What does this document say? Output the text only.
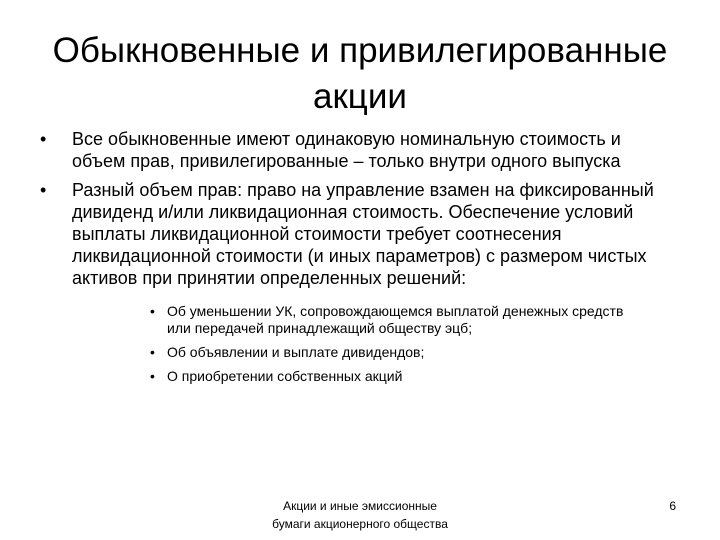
Обыкновенные и привилегированные
акции
• Все обыкновенные имеют одинаковую номинальную стоимость и объем прав, привилегированные – только внутри одного выпуска
• Разный объем прав: право на управление взамен на фиксированный дивиденд и/или ликвидационная стоимость. Обеспечение условий выплаты ликвидационной стоимости требует соотнесения ликвидационной стоимости (и иных параметров) с размером чистых активов при принятии определенных решений:
• Об уменьшении УК, сопровождающемся выплатой денежных средств или передачей принадлежащий обществу эцб;
• Об объявлении и выплате дивидендов;
• О приобретении собственных акций
Акции и иные эмиссионные
бумаги акционерного общества
6
